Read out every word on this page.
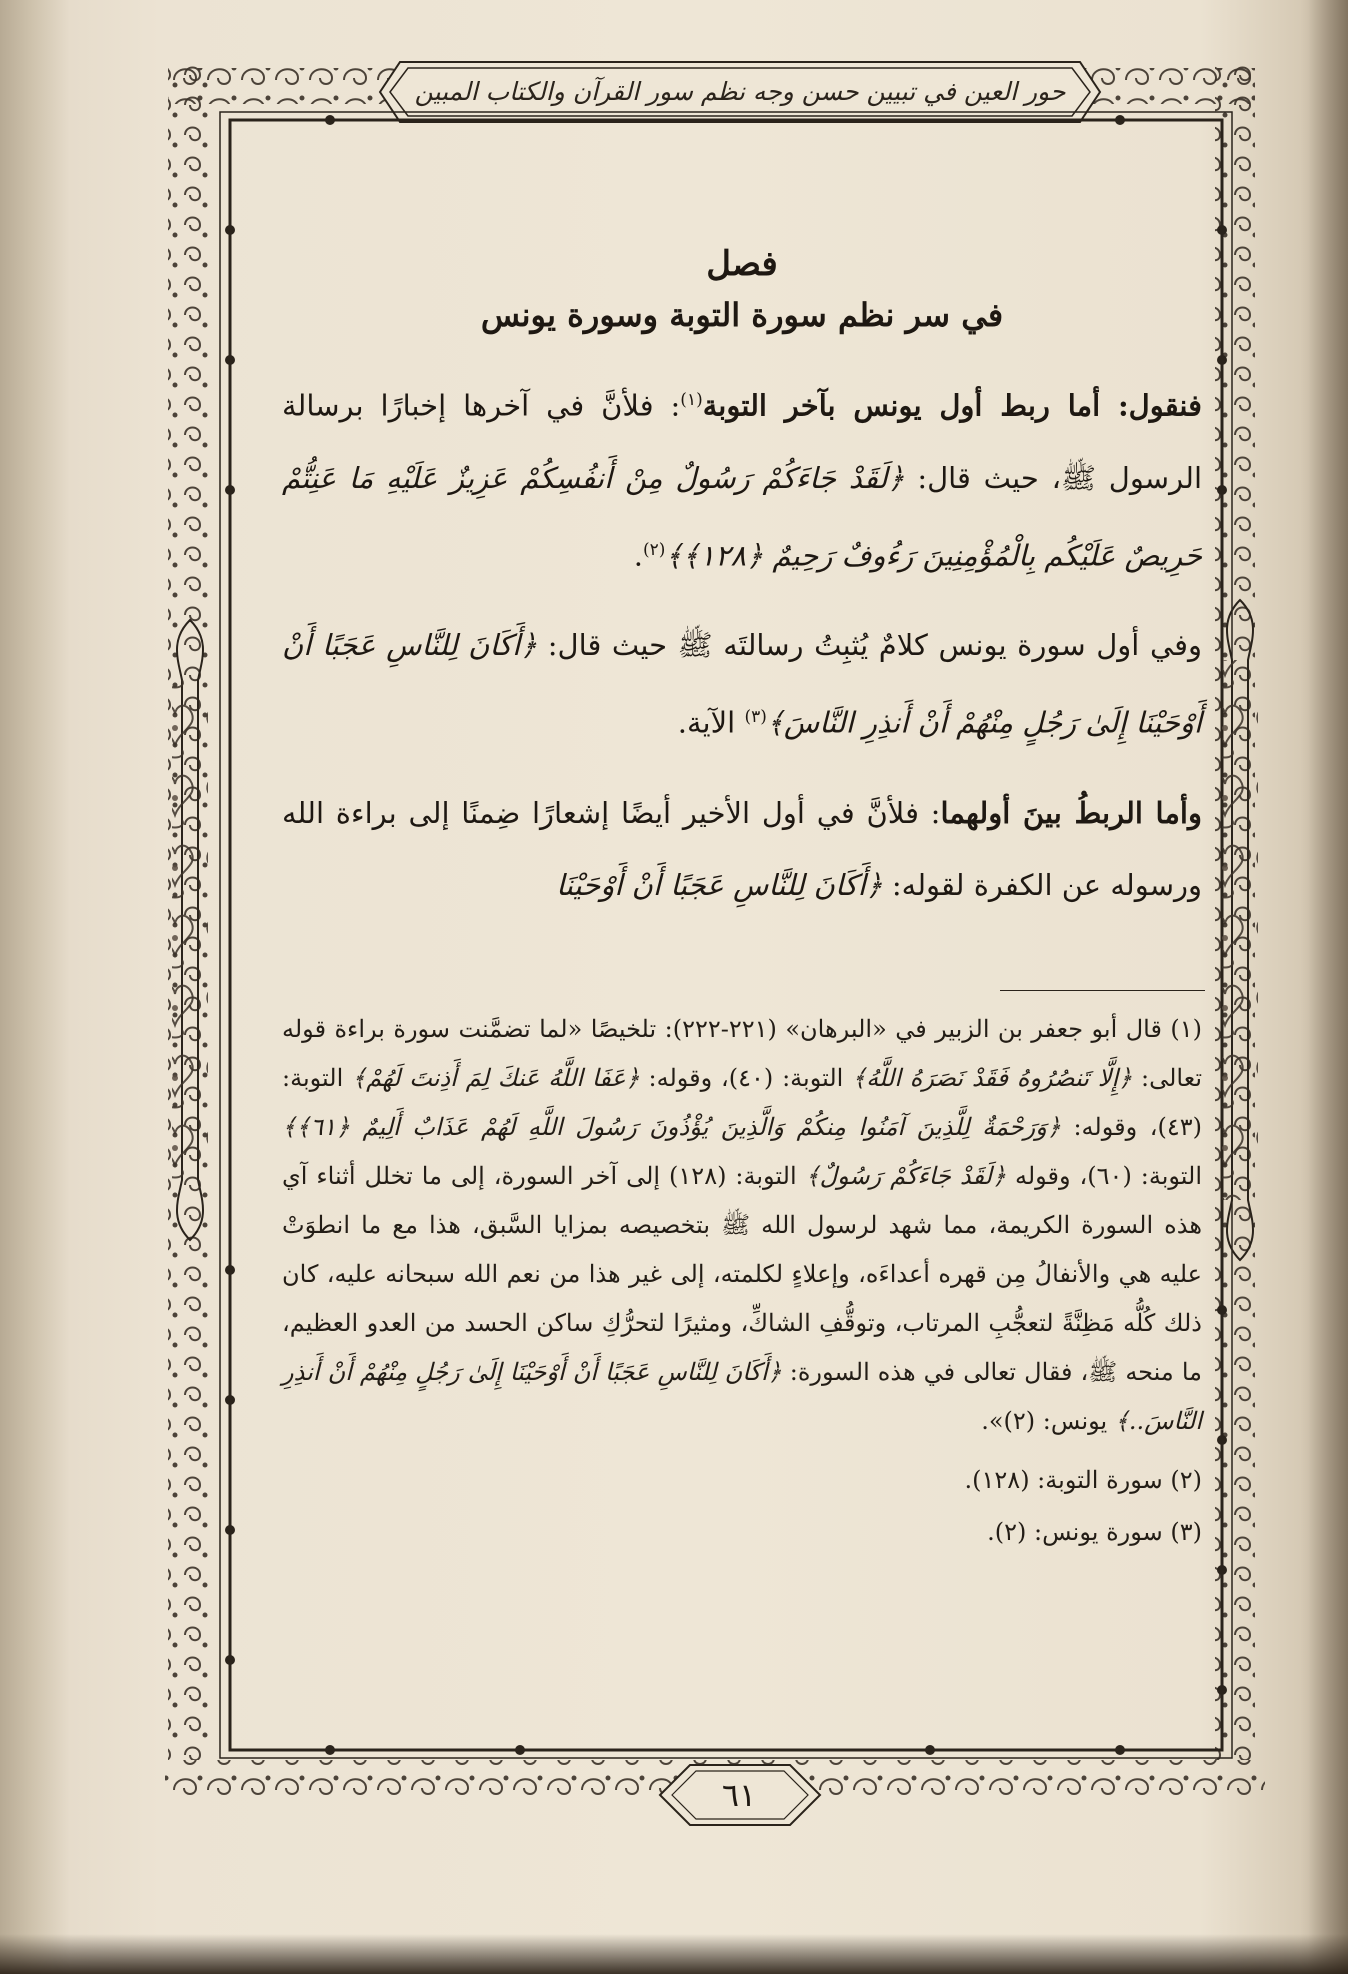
حور العين في تبيين حسن وجه نظم سور القرآن والكتاب المبين
فصل
في سر نظم سورة التوبة وسورة يونس

فنقول: أما ربط أول يونس بآخر التوبة$^{(١)}$: فلأنَّ في آخرها إخبارًا برسالة الرسول ﷺ، حيث قال: ﴿لَقَدْ جَاءَكُمْ رَسُولٌ مِنْ أَنفُسِكُمْ عَزِيزٌ عَلَيْهِ مَا عَنِتُّمْ حَرِيصٌ عَلَيْكُم بِالْمُؤْمِنِينَ رَءُوفٌ رَحِيمٌ ﴿١٢٨﴾﴾$^{(٢)}$.

وفي أول سورة يونس كلامٌ يُثبِتُ رسالتَه ﷺ حيث قال: ﴿أَكَانَ لِلنَّاسِ عَجَبًا أَنْ أَوْحَيْنَا إِلَىٰ رَجُلٍ مِنْهُمْ أَنْ أَنذِرِ النَّاسَ﴾$^{(٣)}$ الآية.

وأما الربطُ بينَ أولهما: فلأنَّ في أول الأخير أيضًا إشعارًا ضِمنًا إلى براءة الله ورسوله عن الكفرة لقوله: ﴿أَكَانَ لِلنَّاسِ عَجَبًا أَنْ أَوْحَيْنَا

(١) قال أبو جعفر بن الزبير في «البرهان» (٢٢١-٢٢٢): تلخيصًا «لما تضمَّنت سورة براءة قوله تعالى: ﴿إِلَّا تَنصُرُوهُ فَقَدْ نَصَرَهُ اللَّهُ﴾ التوبة: (٤٠)، وقوله: ﴿عَفَا اللَّهُ عَنكَ لِمَ أَذِنتَ لَهُمْ﴾ التوبة: (٤٣)، وقوله: ﴿وَرَحْمَةٌ لِلَّذِينَ آمَنُوا مِنكُمْ وَالَّذِينَ يُؤْذُونَ رَسُولَ اللَّهِ لَهُمْ عَذَابٌ أَلِيمٌ ﴿٦١﴾﴾ التوبة: (٦٠)، وقوله ﴿لَقَدْ جَاءَكُمْ رَسُولٌ﴾ التوبة: (١٢٨) إلى آخر السورة، إلى ما تخلل أثناء آي هذه السورة الكريمة، مما شهد لرسول الله ﷺ بتخصيصه بمزايا السَّبق، هذا مع ما انطوَتْ عليه هي والأنفالُ مِن قهره أعداءَه، وإعلاءٍ لكلمته، إلى غير هذا من نعم الله سبحانه عليه، كان ذلك كُلُّه مَظِنَّةً لتعجُّبِ المرتاب، وتوقُّفِ الشاكِّ، ومثيرًا لتحرُّكِ ساكن الحسد من العدو العظيم، ما منحه ﷺ، فقال تعالى في هذه السورة: ﴿أَكَانَ لِلنَّاسِ عَجَبًا أَنْ أَوْحَيْنَا إِلَىٰ رَجُلٍ مِنْهُمْ أَنْ أَنذِرِ النَّاسَ..﴾ يونس: (٢)».

(٢) سورة التوبة: (١٢٨).

(٣) سورة يونس: (٢).

٦١
